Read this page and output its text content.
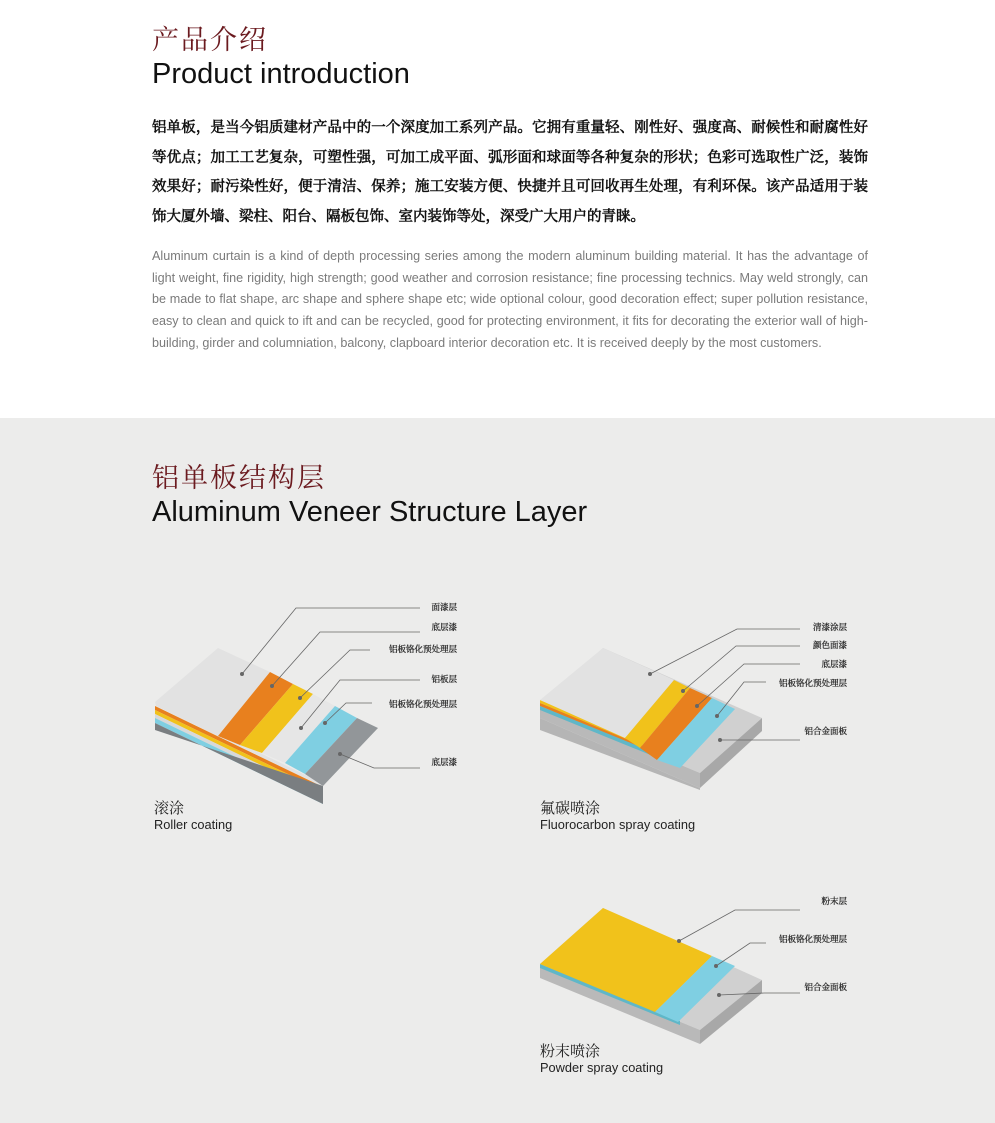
产品介绍
Product introduction

铝单板，是当今铝质建材产品中的一个深度加工系列产品。它拥有重量轻、刚性好、强度高、耐候性和耐腐性好等优点；加工工艺复杂，可塑性强，可加工成平面、弧形面和球面等各种复杂的形状；色彩可选取性广泛，装饰效果好；耐污染性好，便于清洁、保养；施工安装方便、快捷并且可回收再生处理，有利环保。该产品适用于装饰大厦外墙、梁柱、阳台、隔板包饰、室内装饰等处，深受广大用户的青睐。

Aluminum curtain is a kind of depth processing series among the modern aluminum building material. It has the advantage of light weight, fine rigidity, high strength; good weather and corrosion resistance; fine processing technics. May weld strongly, can be made to flat shape, arc shape and sphere shape etc; wide optional colour, good decoration effect; super pollution resistance, easy to clean and quick to ift and can be recycled, good for protecting environment, it fits for decorating the exterior wall of high-building, girder and columniation, balcony, clapboard interior decoration etc. It is received deeply by the most customers.

铝单板结构层
Aluminum Veneer Structure Layer
面漆层
底层漆
铝板铬化预处理层
铝板层
铝板铬化预处理层
底层漆
清漆涂层
颜色面漆
底层漆
铝板铬化预处理层
铝合金面板
粉末层
铝板铬化预处理层
铝合金面板
滚涂
Roller coating
氟碳喷涂
Fluorocarbon spray coating
粉末喷涂
Powder spray coating
